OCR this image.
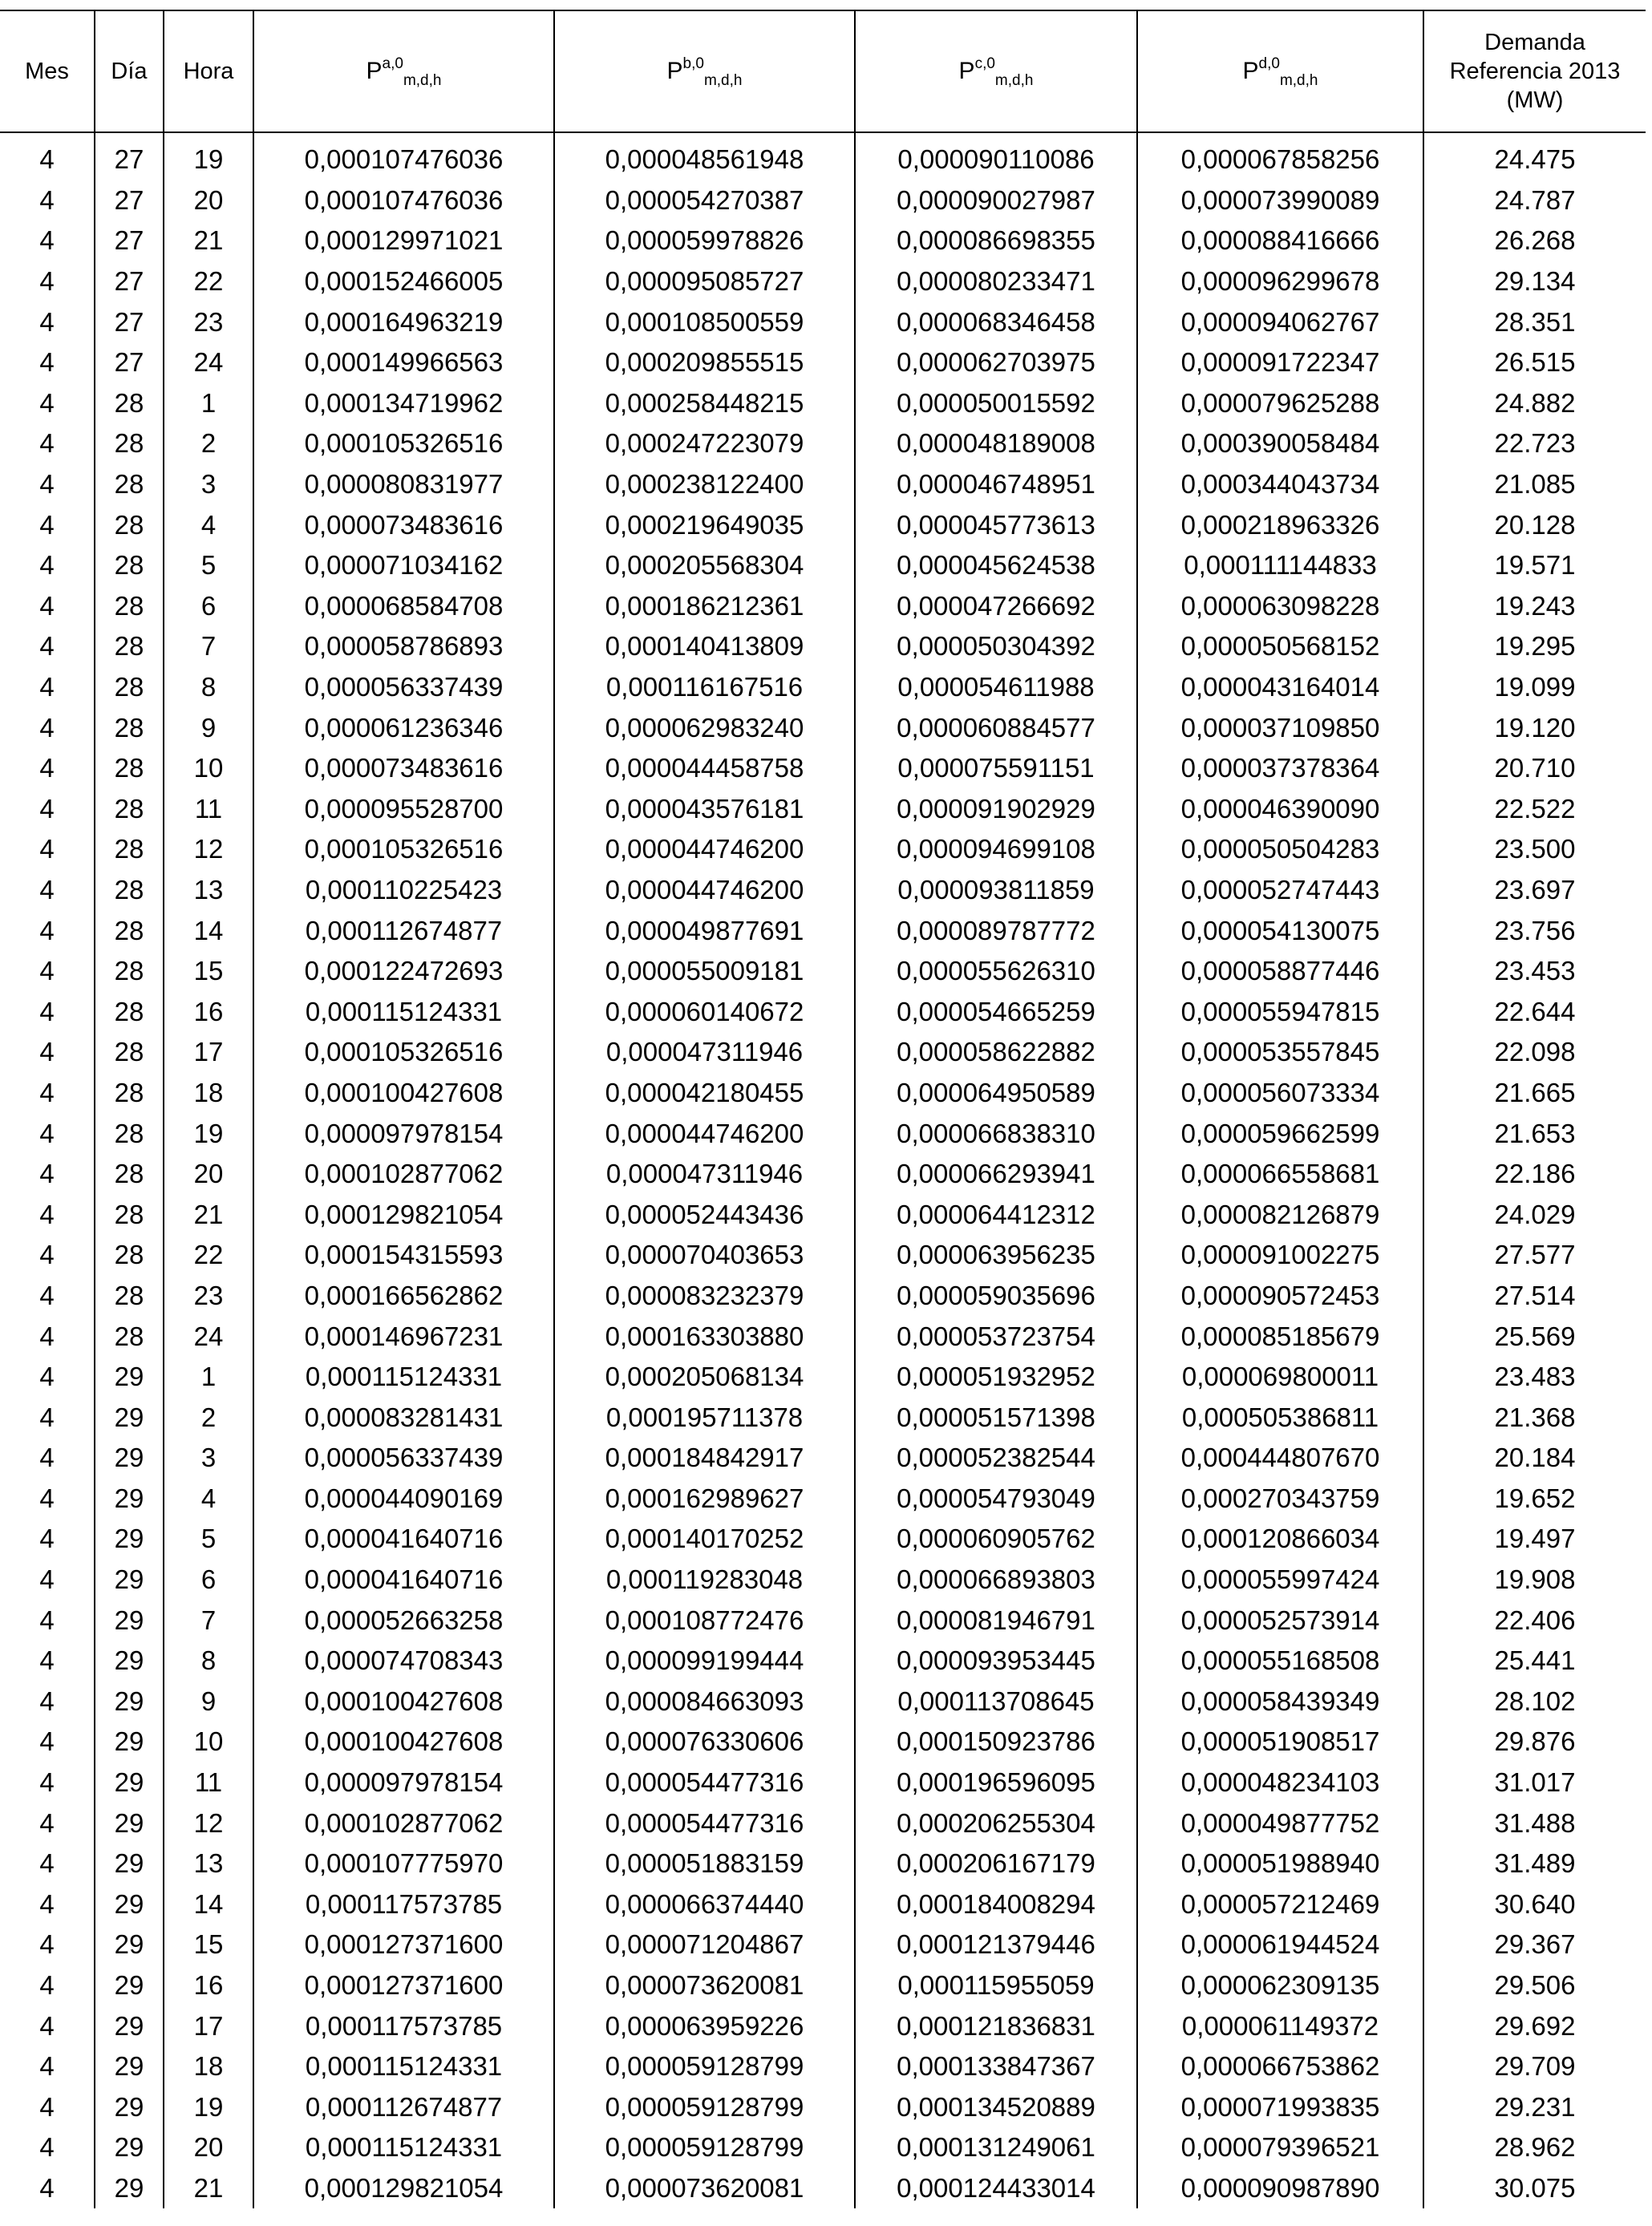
Mes	Día	Hora	P$^{a,0}_{m,d,h}$	P$^{b,0}_{m,d,h}$	P$^{c,0}_{m,d,h}$	P$^{d,0}_{m,d,h}$	Demanda
Referencia 2013
(MW)

4	27	19	0,000107476036	0,000048561948	0,000090110086	0,000067858256	24.475
4	27	20	0,000107476036	0,000054270387	0,000090027987	0,000073990089	24.787
4	27	21	0,000129971021	0,000059978826	0,000086698355	0,000088416666	26.268
4	27	22	0,000152466005	0,000095085727	0,000080233471	0,000096299678	29.134
4	27	23	0,000164963219	0,000108500559	0,000068346458	0,000094062767	28.351
4	27	24	0,000149966563	0,000209855515	0,000062703975	0,000091722347	26.515
4	28	1	0,000134719962	0,000258448215	0,000050015592	0,000079625288	24.882
4	28	2	0,000105326516	0,000247223079	0,000048189008	0,000390058484	22.723
4	28	3	0,000080831977	0,000238122400	0,000046748951	0,000344043734	21.085
4	28	4	0,000073483616	0,000219649035	0,000045773613	0,000218963326	20.128
4	28	5	0,000071034162	0,000205568304	0,000045624538	0,000111144833	19.571
4	28	6	0,000068584708	0,000186212361	0,000047266692	0,000063098228	19.243
4	28	7	0,000058786893	0,000140413809	0,000050304392	0,000050568152	19.295
4	28	8	0,000056337439	0,000116167516	0,000054611988	0,000043164014	19.099
4	28	9	0,000061236346	0,000062983240	0,000060884577	0,000037109850	19.120
4	28	10	0,000073483616	0,000044458758	0,000075591151	0,000037378364	20.710
4	28	11	0,000095528700	0,000043576181	0,000091902929	0,000046390090	22.522
4	28	12	0,000105326516	0,000044746200	0,000094699108	0,000050504283	23.500
4	28	13	0,000110225423	0,000044746200	0,000093811859	0,000052747443	23.697
4	28	14	0,000112674877	0,000049877691	0,000089787772	0,000054130075	23.756
4	28	15	0,000122472693	0,000055009181	0,000055626310	0,000058877446	23.453
4	28	16	0,000115124331	0,000060140672	0,000054665259	0,000055947815	22.644
4	28	17	0,000105326516	0,000047311946	0,000058622882	0,000053557845	22.098
4	28	18	0,000100427608	0,000042180455	0,000064950589	0,000056073334	21.665
4	28	19	0,000097978154	0,000044746200	0,000066838310	0,000059662599	21.653
4	28	20	0,000102877062	0,000047311946	0,000066293941	0,000066558681	22.186
4	28	21	0,000129821054	0,000052443436	0,000064412312	0,000082126879	24.029
4	28	22	0,000154315593	0,000070403653	0,000063956235	0,000091002275	27.577
4	28	23	0,000166562862	0,000083232379	0,000059035696	0,000090572453	27.514
4	28	24	0,000146967231	0,000163303880	0,000053723754	0,000085185679	25.569
4	29	1	0,000115124331	0,000205068134	0,000051932952	0,000069800011	23.483
4	29	2	0,000083281431	0,000195711378	0,000051571398	0,000505386811	21.368
4	29	3	0,000056337439	0,000184842917	0,000052382544	0,000444807670	20.184
4	29	4	0,000044090169	0,000162989627	0,000054793049	0,000270343759	19.652
4	29	5	0,000041640716	0,000140170252	0,000060905762	0,000120866034	19.497
4	29	6	0,000041640716	0,000119283048	0,000066893803	0,000055997424	19.908
4	29	7	0,000052663258	0,000108772476	0,000081946791	0,000052573914	22.406
4	29	8	0,000074708343	0,000099199444	0,000093953445	0,000055168508	25.441
4	29	9	0,000100427608	0,000084663093	0,000113708645	0,000058439349	28.102
4	29	10	0,000100427608	0,000076330606	0,000150923786	0,000051908517	29.876
4	29	11	0,000097978154	0,000054477316	0,000196596095	0,000048234103	31.017
4	29	12	0,000102877062	0,000054477316	0,000206255304	0,000049877752	31.488
4	29	13	0,000107775970	0,000051883159	0,000206167179	0,000051988940	31.489
4	29	14	0,000117573785	0,000066374440	0,000184008294	0,000057212469	30.640
4	29	15	0,000127371600	0,000071204867	0,000121379446	0,000061944524	29.367
4	29	16	0,000127371600	0,000073620081	0,000115955059	0,000062309135	29.506
4	29	17	0,000117573785	0,000063959226	0,000121836831	0,000061149372	29.692
4	29	18	0,000115124331	0,000059128799	0,000133847367	0,000066753862	29.709
4	29	19	0,000112674877	0,000059128799	0,000134520889	0,000071993835	29.231
4	29	20	0,000115124331	0,000059128799	0,000131249061	0,000079396521	28.962
4	29	21	0,000129821054	0,000073620081	0,000124433014	0,000090987890	30.075
